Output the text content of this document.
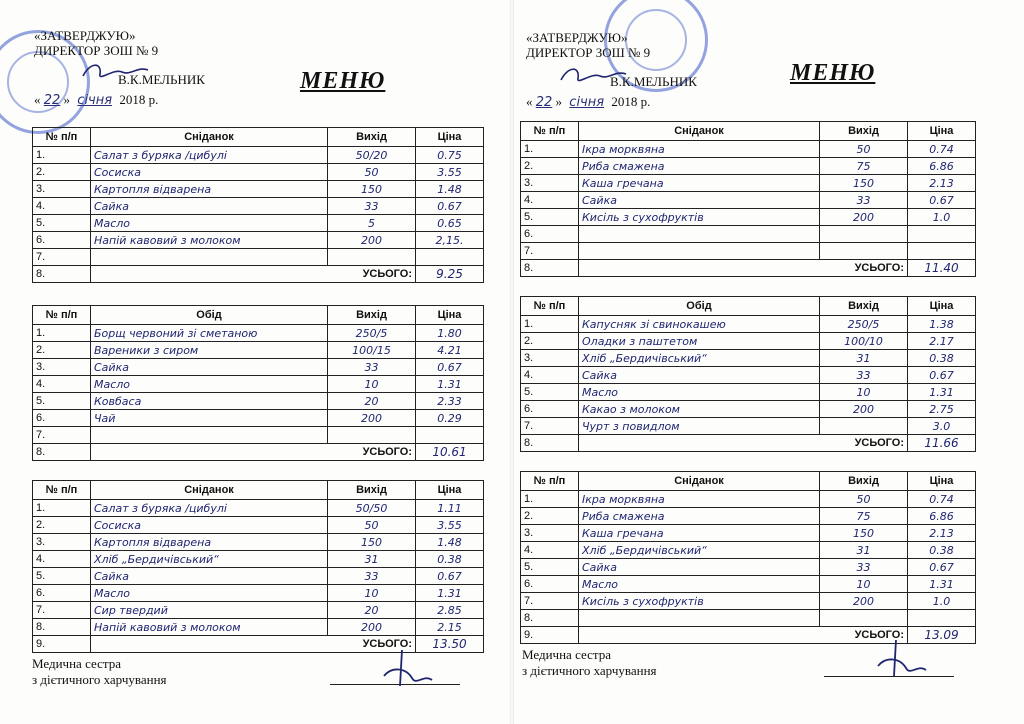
«ЗАТВЕРДЖУЮ»
ДИРЕКТОР ЗОШ № 9
В.К.МЕЛЬНИК
« 22 » січня 2018 р.
МЕНЮ
№ п/п	Сніданок	Вихід	Ціна
1.	Салат з буряка /цибулі	50/20	0.75
2.	Сосиска	50	3.55
3.	Картопля відварена	150	1.48
4.	Сайка	33	0.67
5.	Масло	5	0.65
6.	Напій кавовий з молоком	200	2,15.
7.			
8.	УСЬОГО:		9.25
№ п/п	Обід	Вихід	Ціна
1.	Борщ червоний зі сметаною	250/5	1.80
2.	Вареники з сиром	100/15	4.21
3.	Сайка	33	0.67
4.	Масло	10	1.31
5.	Ковбаса	20	2.33
6.	Чай	200	0.29
7.			
8.	УСЬОГО:		10.61
№ п/п	Сніданок	Вихід	Ціна
1.	Салат з буряка /цибулі	50/50	1.11
2.	Сосиска	50	3.55
3.	Картопля відварена	150	1.48
4.	Хліб „Бердичівський“	31	0.38
5.	Сайка	33	0.67
6.	Масло	10	1.31
7.	Сир твердий	20	2.85
8.	Напій кавовий з молоком	200	2.15
9.	УСЬОГО:		13.50
Медична сестра
з дієтичного харчування
«ЗАТВЕРДЖУЮ»
ДИРЕКТОР ЗОШ № 9
В.К.МЕЛЬНИК
« 22 » січня 2018 р.
МЕНЮ
№ п/п	Сніданок	Вихід	Ціна
1.	Ікра морквяна	50	0.74
2.	Риба смажена	75	6.86
3.	Каша гречана	150	2.13
4.	Сайка	33	0.67
5.	Кисіль з сухофруктів	200	1.0
6.			
7.			
8.	УСЬОГО:		11.40
№ п/п	Обід	Вихід	Ціна
1.	Капусняк зі свинокашею	250/5	1.38
2.	Оладки з паштетом	100/10	2.17
3.	Хліб „Бердичівський“	31	0.38
4.	Сайка	33	0.67
5.	Масло	10	1.31
6.	Какао з молоком	200	2.75
7.	Чурт з повидлом		3.0
8.	УСЬОГО:		11.66
№ п/п	Сніданок	Вихід	Ціна
1.	Ікра морквяна	50	0.74
2.	Риба смажена	75	6.86
3.	Каша гречана	150	2.13
4.	Хліб „Бердичівський“	31	0.38
5.	Сайка	33	0.67
6.	Масло	10	1.31
7.	Кисіль з сухофруктів	200	1.0
8.			
9.	УСЬОГО:		13.09
Медична сестра
з дієтичного харчування
